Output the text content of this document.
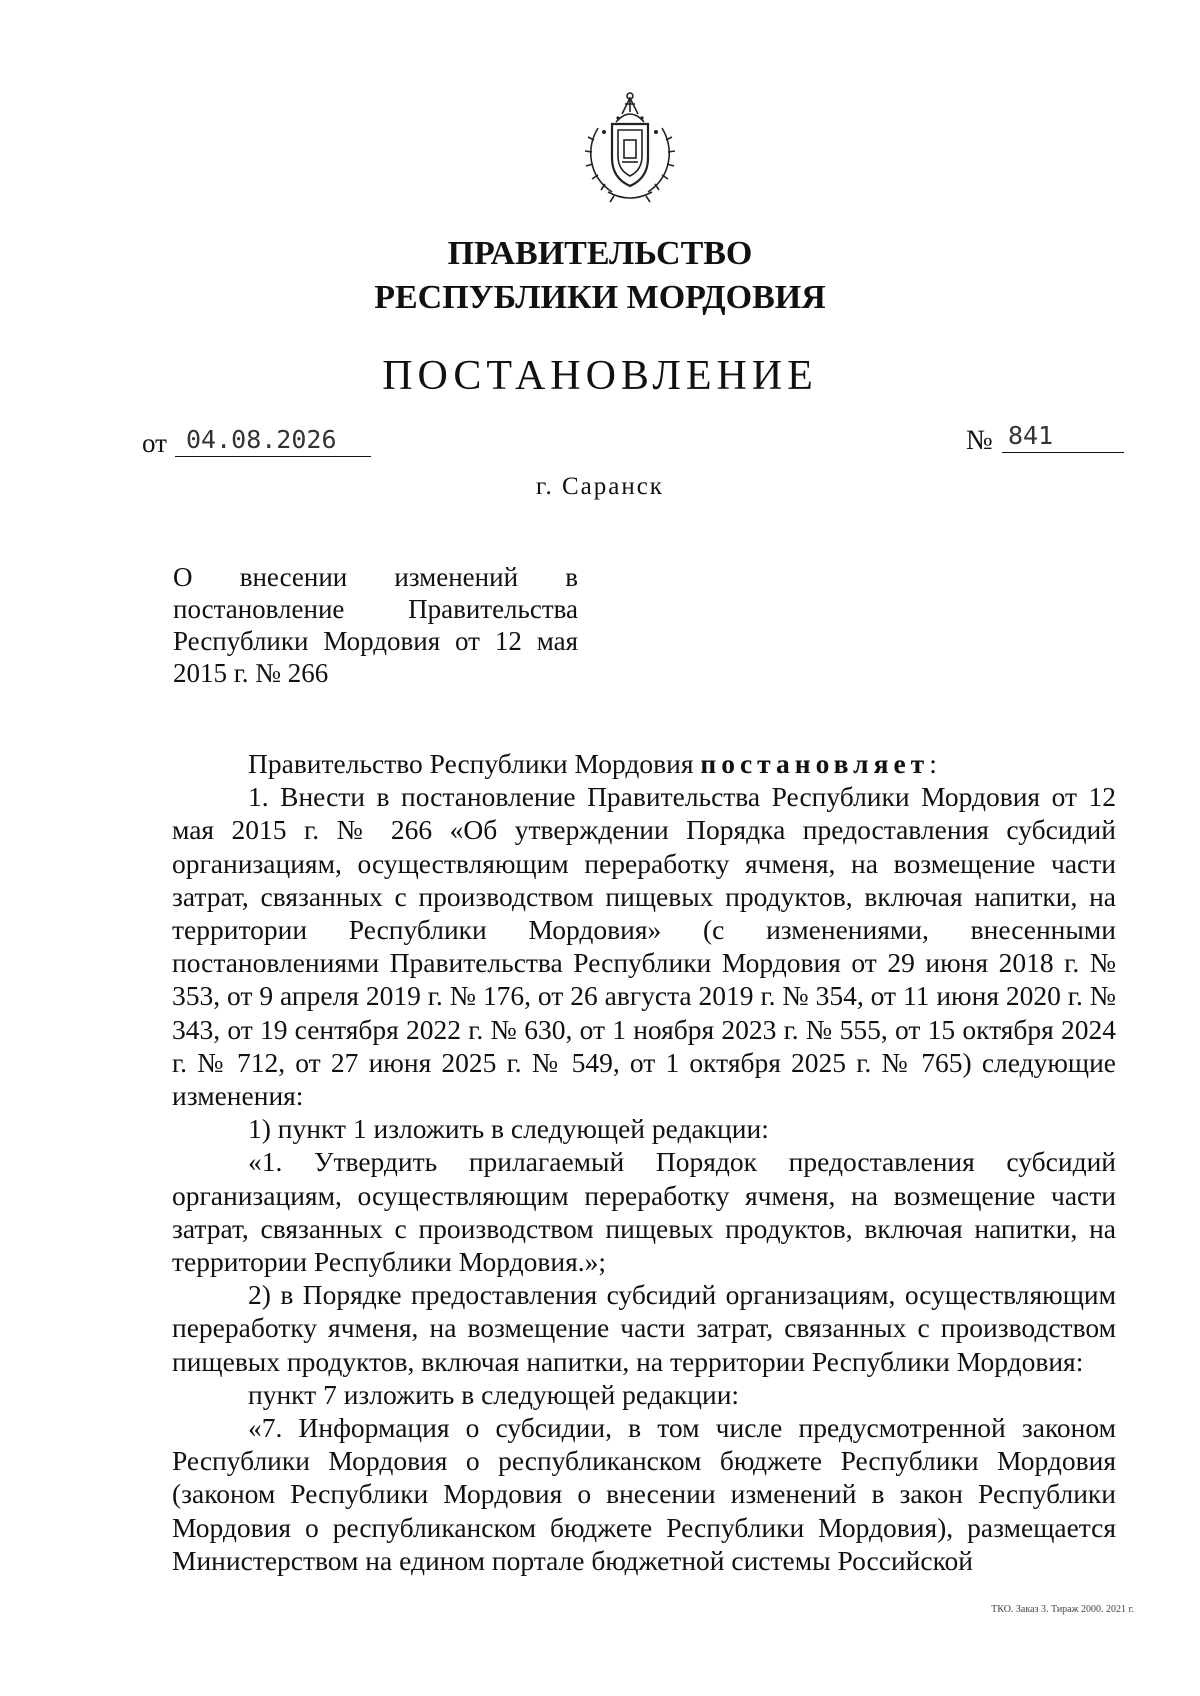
ПРАВИТЕЛЬСТВО
РЕСПУБЛИКИ МОРДОВИЯ
ПОСТАНОВЛЕНИЕ
от 04.08.2026	№ 841
г. Саранск
О внесении изменений в постановление Правительства Республики Мордовия от 12 мая 2015 г. № 266

Правительство Республики Мордовия постановляет:

1. Внести в постановление Правительства Республики Мордовия от 12 мая 2015 г. № 266 «Об утверждении Порядка предоставления субсидий организациям, осуществляющим переработку ячменя, на возмещение части затрат, связанных с производством пищевых продуктов, включая напитки, на территории Республики Мордовия» (с изменениями, внесенными постановлениями Правительства Республики Мордовия от 29 июня 2018 г. № 353, от 9 апреля 2019 г. № 176, от 26 августа 2019 г. № 354, от 11 июня 2020 г. № 343, от 19 сентября 2022 г. № 630, от 1 ноября 2023 г. № 555, от 15 октября 2024 г. № 712, от 27 июня 2025 г. № 549, от 1 октября 2025 г. № 765) следующие изменения:

1) пункт 1 изложить в следующей редакции:

«1. Утвердить прилагаемый Порядок предоставления субсидий организациям, осуществляющим переработку ячменя, на возмещение части затрат, связанных с производством пищевых продуктов, включая напитки, на территории Республики Мордовия.»;

2) в Порядке предоставления субсидий организациям, осуществляющим переработку ячменя, на возмещение части затрат, связанных с производством пищевых продуктов, включая напитки, на территории Республики Мордовия:

пункт 7 изложить в следующей редакции:

«7. Информация о субсидии, в том числе предусмотренной законом Республики Мордовия о республиканском бюджете Республики Мордовия (законом Республики Мордовия о внесении изменений в закон Республики Мордовия о республиканском бюджете Республики Мордовия), размещается Министерством на едином портале бюджетной системы Российской

ТКО. Заказ 3. Тираж 2000. 2021 г.
